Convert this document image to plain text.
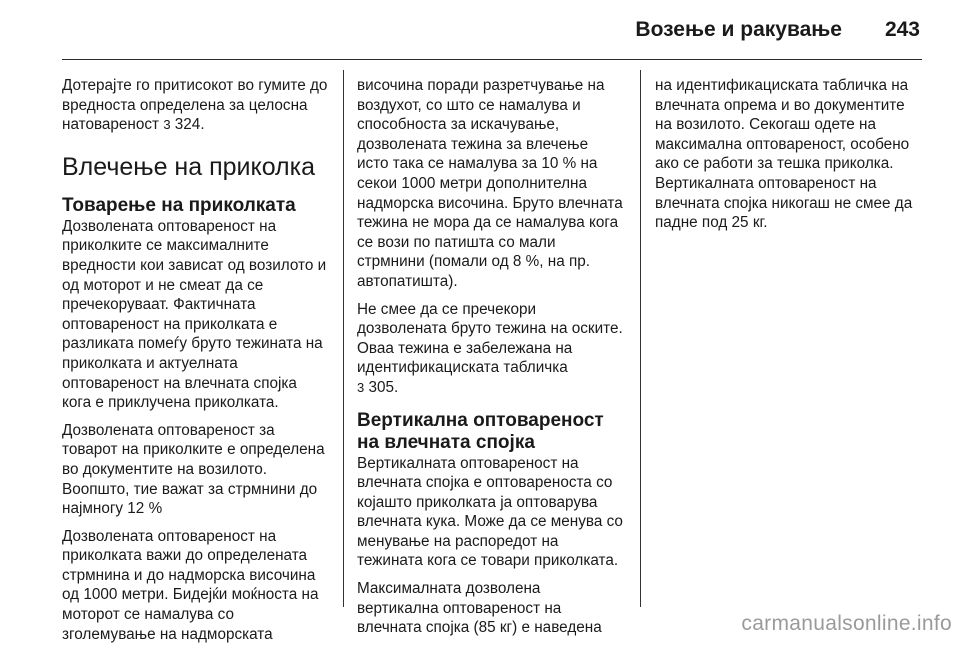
Возење и ракување 243

Дотерајте го притисокот во гумите до вредноста определена за целосна натовареност 3 324.

Влечење на приколка
Товарење на приколката

Дозволената оптовареност на приколките се максималните вредности кои зависат од возилото и од моторот и не смеат да се пречекоруваат. Фактичната оптовареност на приколката е разликата помеѓу бруто тежината на приколката и актуелната оптовареност на влечната спојка кога е приклучена приколката.

Дозволената оптовареност за товарот на приколките е определена во документите на возилото. Воопшто, тие важат за стрмнини до најмногу 12 %

Дозволената оптовареност на приколката важи до определената стрмнина и до надморска височина од 1000 метри. Бидејќи моќноста на моторот се намалува со зголемување на надморската

височина поради разретчување на воздухот, со што се намалува и способноста за искачување, дозволената тежина за влечење исто така се намалува за 10 % на секои 1000 метри дополнителна надморска височина. Бруто влечната тежина не мора да се намалува кога се вози по патишта со мали стрмнини (помали од 8 %, на пр. автопатишта).

Не смее да се пречекори дозволената бруто тежина на оските. Оваа тежина е забележана на идентификациската табличка
3 305.

Вертикална оптовареност на влечната спојка

Вертикалната оптовареност на влечната спојка е оптовареноста со којашто приколката ја оптоварува влечната кука. Може да се менува со менување на распоредот на тежината кога се товари приколката.

Максималната дозволена вертикална оптовареност на влечната спојка (85 кг) е наведена

на идентификациската табличка на влечната опрема и во документите на возилото. Секогаш одете на максимална оптовареност, особено ако се работи за тешка приколка. Вертикалната оптовареност на влечната спојка никогаш не смее да падне под 25 кг.

carmanualsonline.info
